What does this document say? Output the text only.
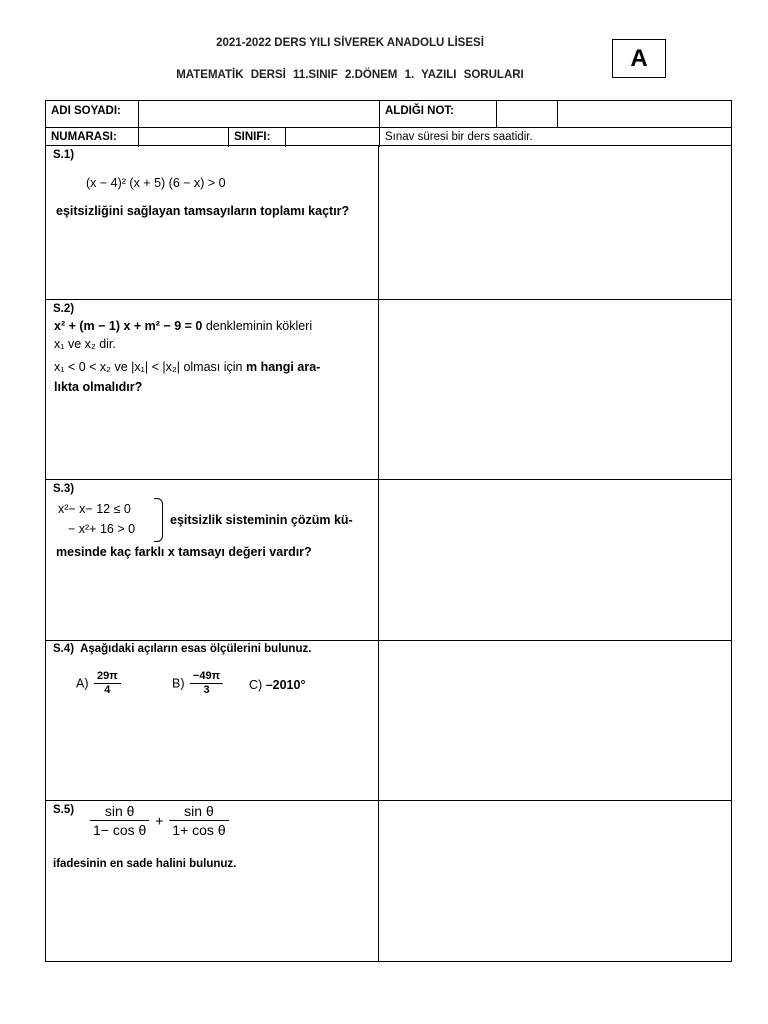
2021-2022 DERS YILI SİVEREK ANADOLU LİSESİ
MATEMATİK DERSİ 11.SINIF 2.DÖNEM 1. YAZILI SORULARI
A
ADI SOYADI:	ALDIĞI NOT:
NUMARASI:	SINIFI:	Sınav süresi bir ders saatidir.
S.1)
(x − 4)² (x + 5) (6 − x) > 0
eşitsizliğini sağlayan tamsayıların toplamı kaçtır?
S.2)
x² + (m − 1) x + m² − 9 = 0 denkleminin kökleri
x₁ ve x₂ dir.
x₁ < 0 < x₂ ve |x₁| < |x₂| olması için m hangi ara-
lıkta olmalıdır?
S.3)
x²− x− 12 ≤ 0
− x²+ 16 > 0
eşitsizlik sisteminin çözüm kü-
mesinde kaç farklı x tamsayı değeri vardır?
S.4) Aşağıdaki açıların esas ölçülerini bulunuz.
$A) \frac{29\pi}{4}$	$B) \frac{-49\pi}{3} C$) –2010°
$S.5) \frac{\text{sin θ}}{\text{1− cos θ}} + \frac{\text{sin θ}}{\text{1+ cos θ}}$
ifadesinin en sade halini bulunuz.
